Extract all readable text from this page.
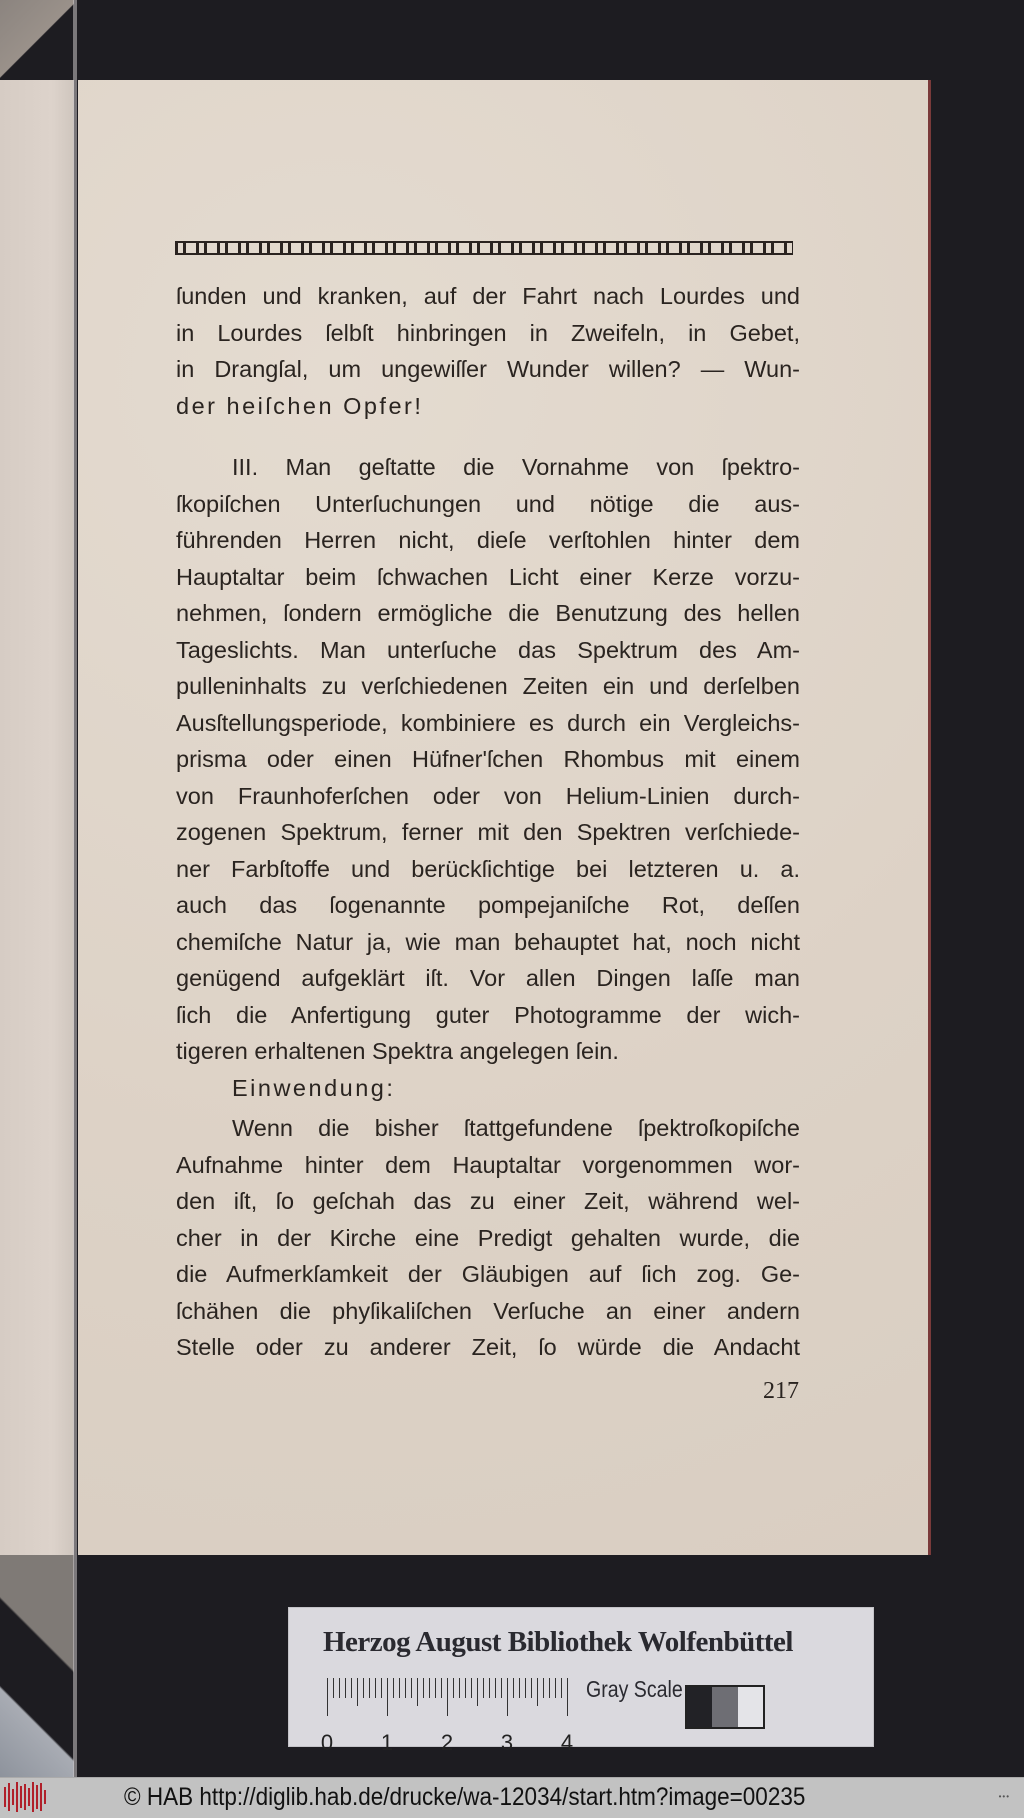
ſunden und kranken, auf der Fahrt nach Lourdes und
in Lourdes ſelbſt hinbringen in Zweifeln, in Gebet,
in Drangſal, um ungewiſſer Wunder willen? — Wun-
der heiſchen Opfer!
III. Man geſtatte die Vornahme von ſpektro-
ſkopiſchen Unterſuchungen und nötige die aus-
führenden Herren nicht, dieſe verſtohlen hinter dem
Hauptaltar beim ſchwachen Licht einer Kerze vorzu-
nehmen, ſondern ermögliche die Benutzung des hellen
Tageslichts. Man unterſuche das Spektrum des Am-
pulleninhalts zu verſchiedenen Zeiten ein und derſelben
Ausſtellungsperiode, kombiniere es durch ein Vergleichs-
prisma oder einen Hüfner'ſchen Rhombus mit einem
von Fraunhoferſchen oder von Helium-Linien durch-
zogenen Spektrum, ferner mit den Spektren verſchiede-
ner Farbſtoffe und berückſichtige bei letzteren u. a.
auch das ſogenannte pompejaniſche Rot, deſſen
chemiſche Natur ja, wie man behauptet hat, noch nicht
genügend aufgeklärt iſt. Vor allen Dingen laſſe man
ſich die Anfertigung guter Photogramme der wich-
tigeren erhaltenen Spektra angelegen ſein.
Einwendung:
Wenn die bisher ſtattgefundene ſpektroſkopiſche
Aufnahme hinter dem Hauptaltar vorgenommen wor-
den iſt, ſo geſchah das zu einer Zeit, während wel-
cher in der Kirche eine Predigt gehalten wurde, die
die Aufmerkſamkeit der Gläubigen auf ſich zog. Ge-
ſchähen die phyſikaliſchen Verſuche an einer andern
Stelle oder zu anderer Zeit, ſo würde die Andacht
217
Herzog August Bibliothek Wolfenbüttel
0 1 2 3 4
Gray Scale
© HAB http://diglib.hab.de/drucke/wa-12034/start.htm?image=00235	•••
